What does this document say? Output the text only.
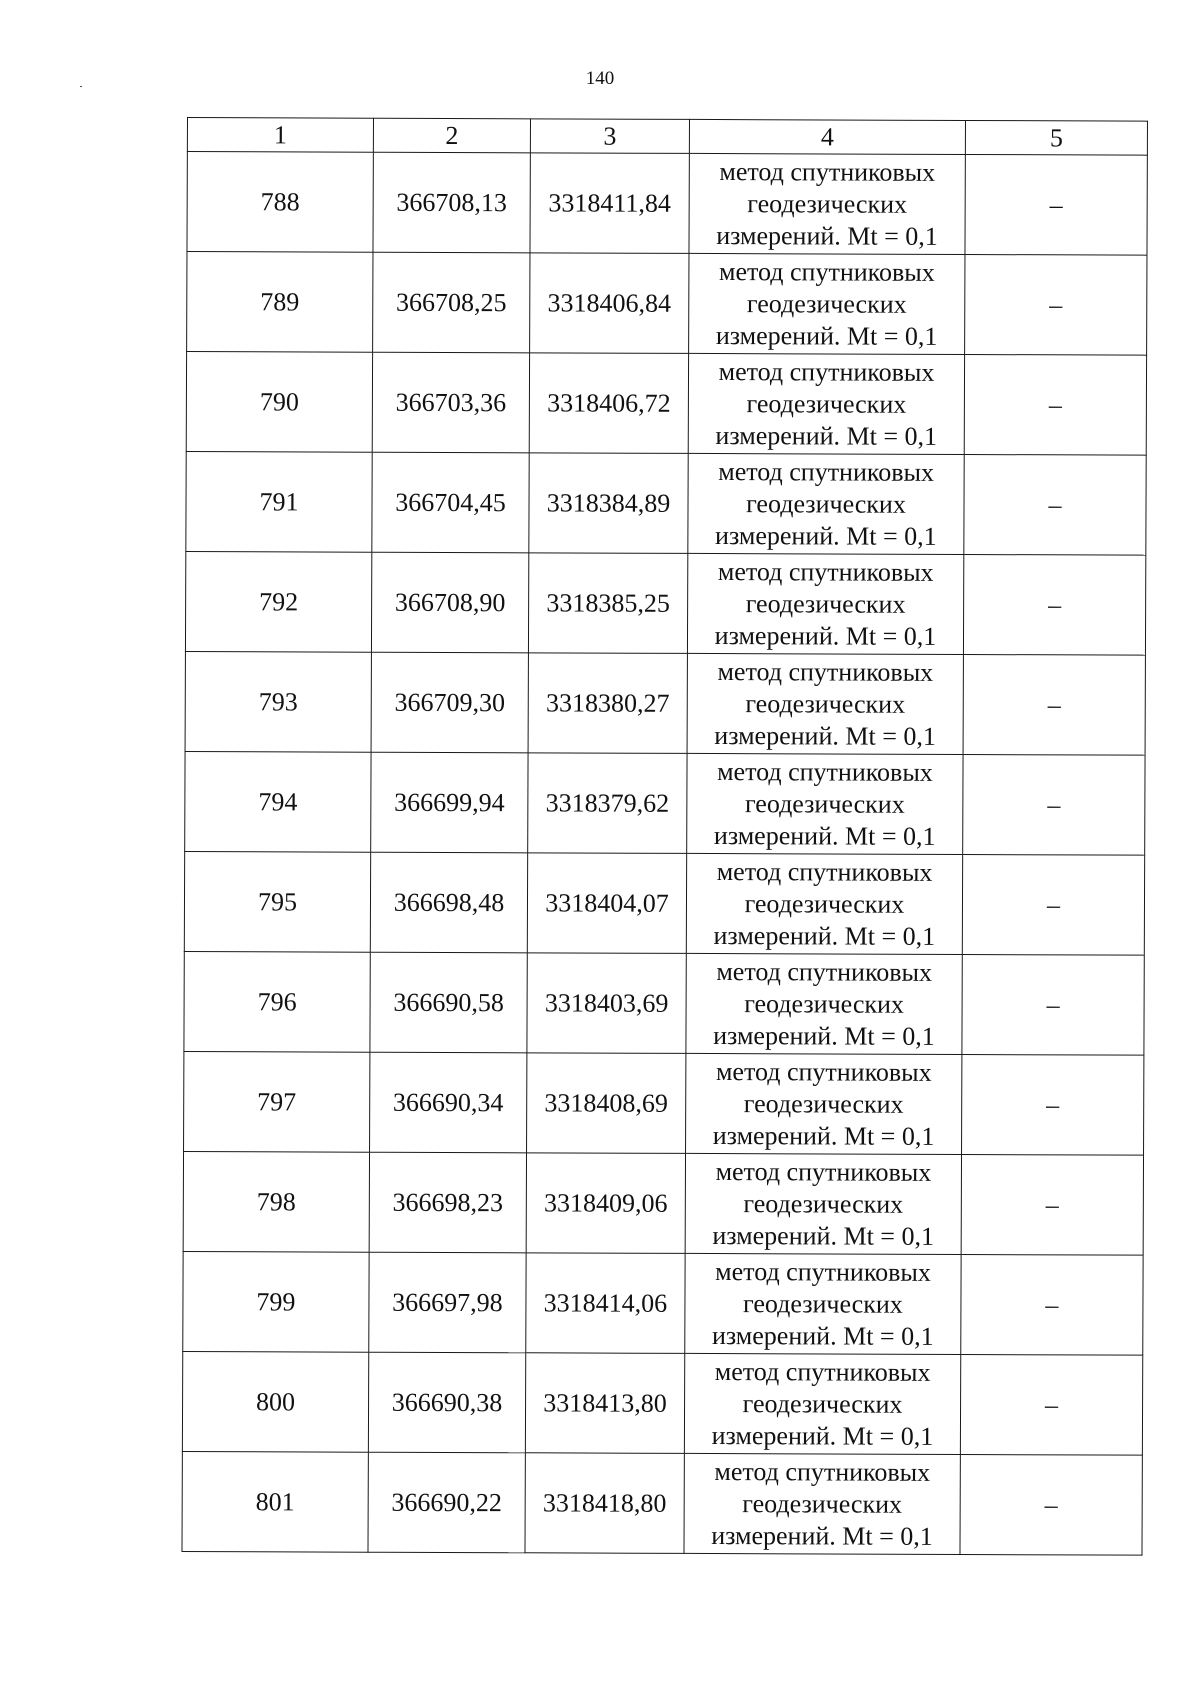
140
1	2	3	4	5
788	366708,13	3318411,84	метод спутниковых
геодезических
измерений. Mt = 0,1	–
789	366708,25	3318406,84	метод спутниковых
геодезических
измерений. Mt = 0,1	–
790	366703,36	3318406,72	метод спутниковых
геодезических
измерений. Mt = 0,1	–
791	366704,45	3318384,89	метод спутниковых
геодезических
измерений. Mt = 0,1	–
792	366708,90	3318385,25	метод спутниковых
геодезических
измерений. Mt = 0,1	–
793	366709,30	3318380,27	метод спутниковых
геодезических
измерений. Mt = 0,1	–
794	366699,94	3318379,62	метод спутниковых
геодезических
измерений. Mt = 0,1	–
795	366698,48	3318404,07	метод спутниковых
геодезических
измерений. Mt = 0,1	–
796	366690,58	3318403,69	метод спутниковых
геодезических
измерений. Mt = 0,1	–
797	366690,34	3318408,69	метод спутниковых
геодезических
измерений. Mt = 0,1	–
798	366698,23	3318409,06	метод спутниковых
геодезических
измерений. Mt = 0,1	–
799	366697,98	3318414,06	метод спутниковых
геодезических
измерений. Mt = 0,1	–
800	366690,38	3318413,80	метод спутниковых
геодезических
измерений. Mt = 0,1	–
801	366690,22	3318418,80	метод спутниковых
геодезических
измерений. Mt = 0,1	–
